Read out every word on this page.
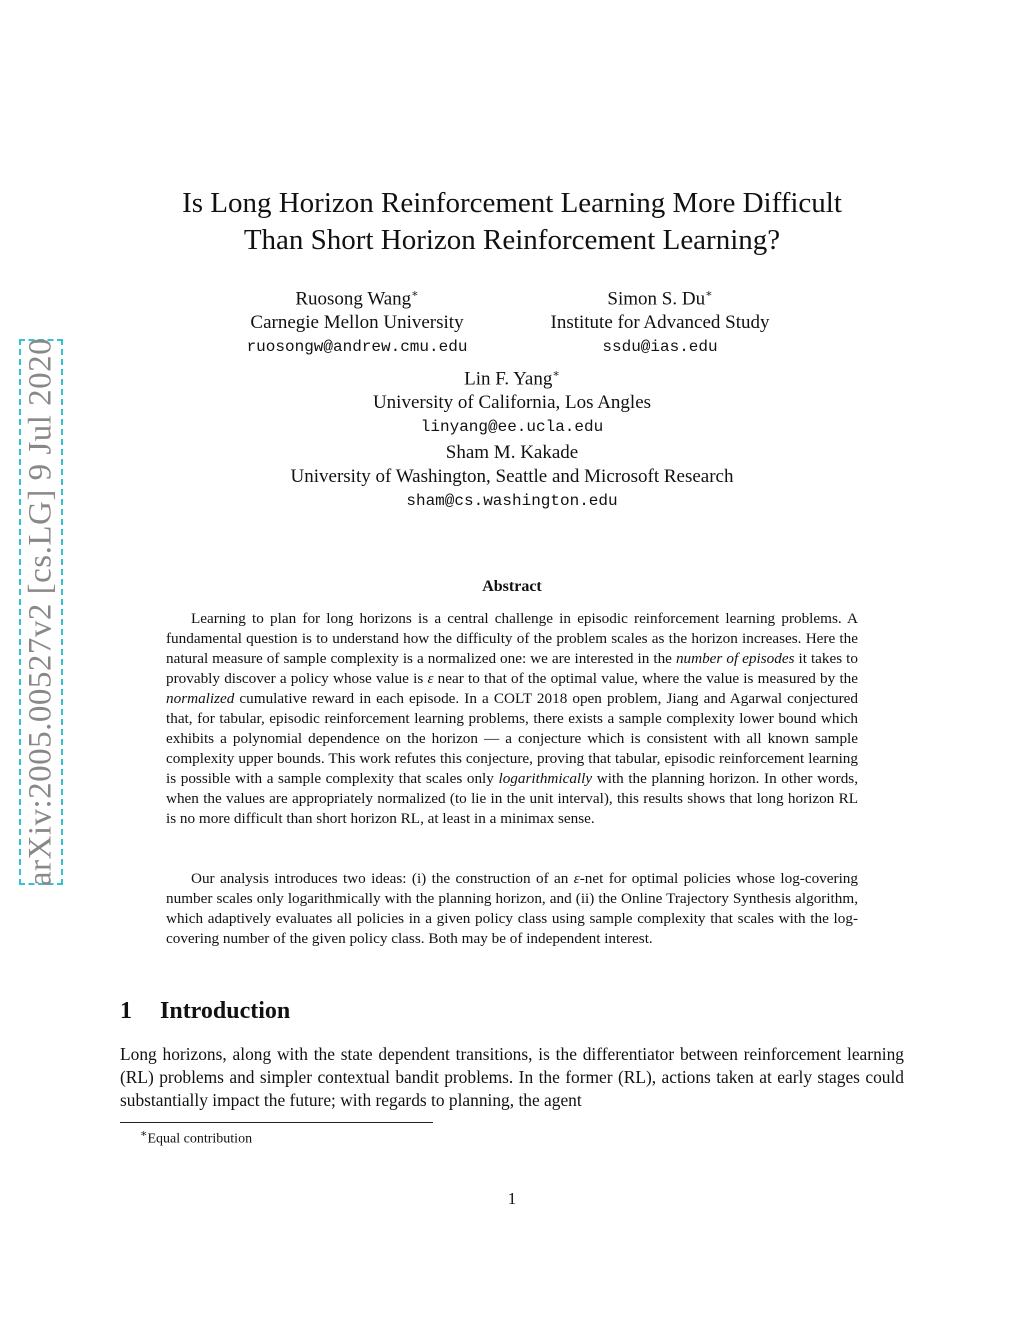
arXiv:2005.00527v2 [cs.LG] 9 Jul 2020
Is Long Horizon Reinforcement Learning More Difficult
Than Short Horizon Reinforcement Learning?
Ruosong Wang∗
Carnegie Mellon University
ruosongw@andrew.cmu.edu
Simon S. Du∗
Institute for Advanced Study
ssdu@ias.edu
Lin F. Yang∗
University of California, Los Angles
linyang@ee.ucla.edu
Sham M. Kakade
University of Washington, Seattle and Microsoft Research
sham@cs.washington.edu
Abstract

Learning to plan for long horizons is a central challenge in episodic reinforcement learning problems. A fundamental question is to understand how the difficulty of the problem scales as the horizon increases. Here the natural measure of sample complexity is a normalized one: we are interested in the number of episodes it takes to provably discover a policy whose value is ε near to that of the optimal value, where the value is measured by the normalized cumulative reward in each episode. In a COLT 2018 open problem, Jiang and Agarwal conjectured that, for tabular, episodic reinforcement learning problems, there exists a sample complexity lower bound which exhibits a polynomial dependence on the horizon — a conjecture which is consistent with all known sample complexity upper bounds. This work refutes this conjecture, proving that tabular, episodic reinforcement learning is possible with a sample complexity that scales only logarithmically with the planning horizon. In other words, when the values are appropriately normalized (to lie in the unit interval), this results shows that long horizon RL is no more difficult than short horizon RL, at least in a minimax sense.

Our analysis introduces two ideas: (i) the construction of an ε-net for optimal policies whose log-covering number scales only logarithmically with the planning horizon, and (ii) the Online Trajectory Synthesis algorithm, which adaptively evaluates all policies in a given policy class using sample complexity that scales with the log-covering number of the given policy class. Both may be of independent interest.

1 Introduction

Long horizons, along with the state dependent transitions, is the differentiator between reinforcement learning (RL) problems and simpler contextual bandit problems. In the former (RL), actions taken at early stages could substantially impact the future; with regards to planning, the agent

∗Equal contribution
1
